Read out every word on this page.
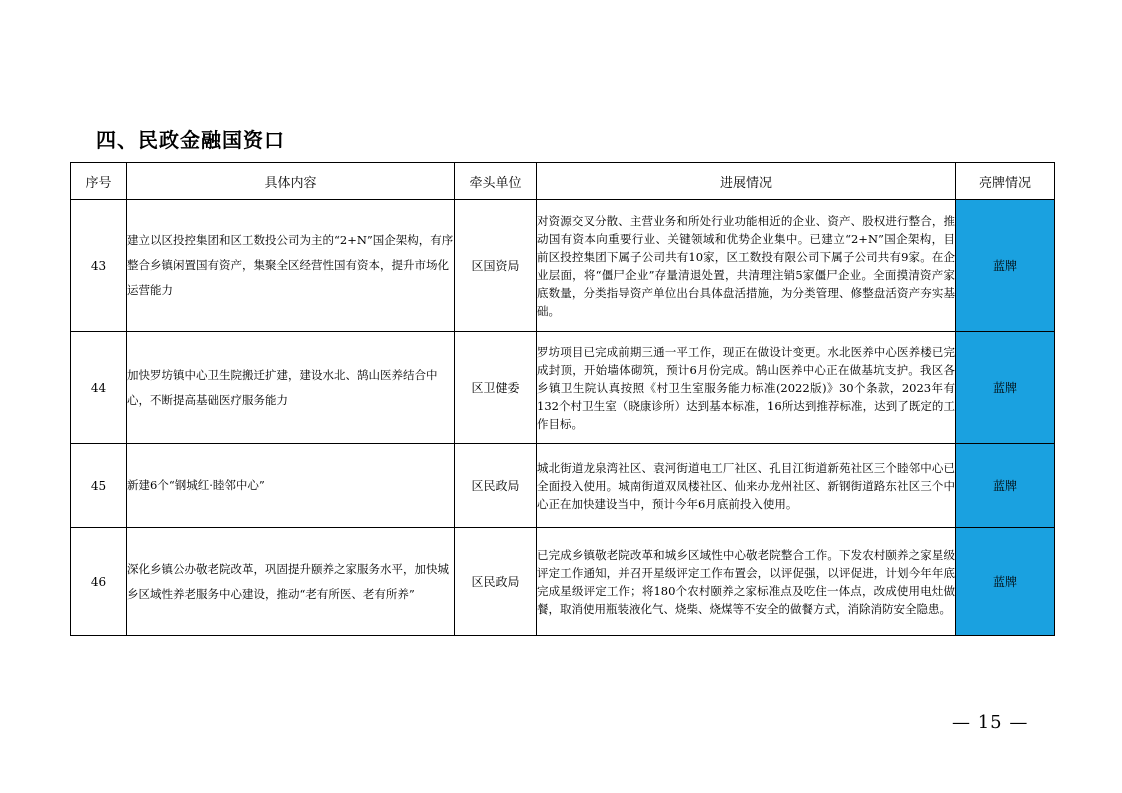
四、民政金融国资口
序号	具体内容	牵头单位	进展情况	亮牌情况
43	建立以区投控集团和区工数投公司为主的“2+N”国企架构，有序整合乡镇闲置国有资产，集聚全区经营性国有资本，提升市场化运营能力	区国资局	对资源交叉分散、主营业务和所处行业功能相近的企业、资产、股权进行整合，推动国有资本向重要行业、关键领域和优势企业集中。已建立“2+N”国企架构，目前区投控集团下属子公司共有10家，区工数投有限公司下属子公司共有9家。在企业层面，将“僵尸企业”存量清退处置，共清理注销5家僵尸企业。全面摸清资产家底数量，分类指导资产单位出台具体盘活措施，为分类管理、修整盘活资产夯实基础。	蓝牌
44	加快罗坊镇中心卫生院搬迁扩建，建设水北、鹄山医养结合中心，不断提高基础医疗服务能力	区卫健委	罗坊项目已完成前期三通一平工作，现正在做设计变更。水北医养中心医养楼已完成封顶，开始墙体砌筑，预计6月份完成。鹄山医养中心正在做基坑支护。我区各乡镇卫生院认真按照《村卫生室服务能力标准(2022版)》30个条款，2023年有132个村卫生室（晓康诊所）达到基本标准，16所达到推荐标准，达到了既定的工作目标。	蓝牌
45	新建6个“钢城红·睦邻中心”	区民政局	城北街道龙泉湾社区、袁河街道电工厂社区、孔目江街道新苑社区三个睦邻中心已全面投入使用。城南街道双凤楼社区、仙来办龙州社区、新钢街道路东社区三个中心正在加快建设当中，预计今年6月底前投入使用。	蓝牌
46	深化乡镇公办敬老院改革，巩固提升颐养之家服务水平，加快城乡区域性养老服务中心建设，推动“老有所医、老有所养”	区民政局	已完成乡镇敬老院改革和城乡区域性中心敬老院整合工作。下发农村颐养之家星级评定工作通知，并召开星级评定工作布置会，以评促强，以评促进，计划今年年底完成星级评定工作；将180个农村颐养之家标准点及吃住一体点，改成使用电灶做餐，取消使用瓶装液化气、烧柴、烧煤等不安全的做餐方式，消除消防安全隐患。	蓝牌
— 15 —
